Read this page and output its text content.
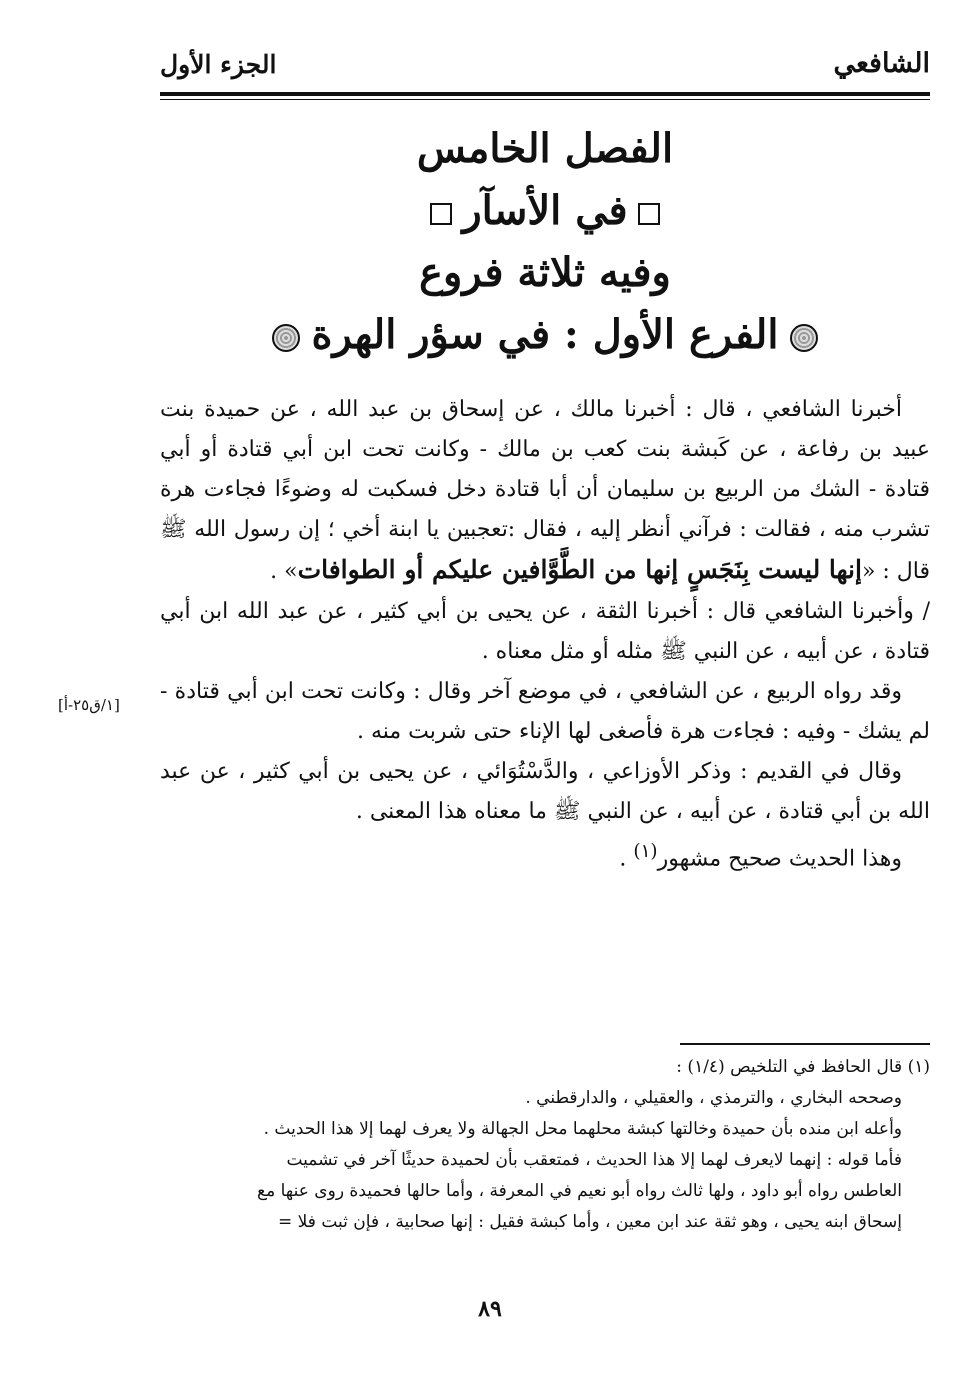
الشافعي
الجزء الأول
الفصل الخامس
في الأسآر
وفيه ثلاثة فروع
الفرع الأول : في سؤر الهرة

أخبرنا الشافعي ، قال : أخبرنا مالك ، عن إسحاق بن عبد الله ، عن حميدة بنت عبيد بن رفاعة ، عن كَبشة بنت كعب بن مالك - وكانت تحت ابن أبي قتادة أو أبي قتادة - الشك من الربيع بن سليمان أن أبا قتادة دخل فسكبت له وضوءًا فجاءت هرة تشرب منه ، فقالت : فرآني أنظر إليه ، فقال :تعجبين يا ابنة أخي ؛ إن رسول الله ﷺ قال : «إنها ليست بِنَجَسٍ إنها من الطَّوَّافين عليكم أو الطوافات» .

/ وأخبرنا الشافعي قال : أخبرنا الثقة ، عن يحيى بن أبي كثير ، عن عبد الله ابن أبي قتادة ، عن أبيه ، عن النبي ﷺ مثله أو مثل معناه .

وقد رواه الربيع ، عن الشافعي ، في موضع آخر وقال : وكانت تحت ابن أبي قتادة - لم يشك - وفيه : فجاءت هرة فأصغى لها الإناء حتى شربت منه .

وقال في القديم : وذكر الأوزاعي ، والدَّسْتُوَائي ، عن يحيى بن أبي كثير ، عن عبد الله بن أبي قتادة ، عن أبيه ، عن النبي ﷺ ما معناه هذا المعنى .

وهذا الحديث صحيح مشهور$^{(١)}$ .

[١/ق٢٥-أ]
(١) قال الحافظ في التلخيص (١/٤) :
وصححه البخاري ، والترمذي ، والعقيلي ، والدارقطني .
وأعله ابن منده بأن حميدة وخالتها كبشة محلهما محل الجهالة ولا يعرف لهما إلا هذا الحديث .
فأما قوله : إنهما لايعرف لهما إلا هذا الحديث ، فمتعقب بأن لحميدة حديثًا آخر في تشميت
العاطس رواه أبو داود ، ولها ثالث رواه أبو نعيم في المعرفة ، وأما حالها فحميدة روى عنها مع
إسحاق ابنه يحيى ، وهو ثقة عند ابن معين ، وأما كبشة فقيل : إنها صحابية ، فإن ثبت فلا =
٨٩
